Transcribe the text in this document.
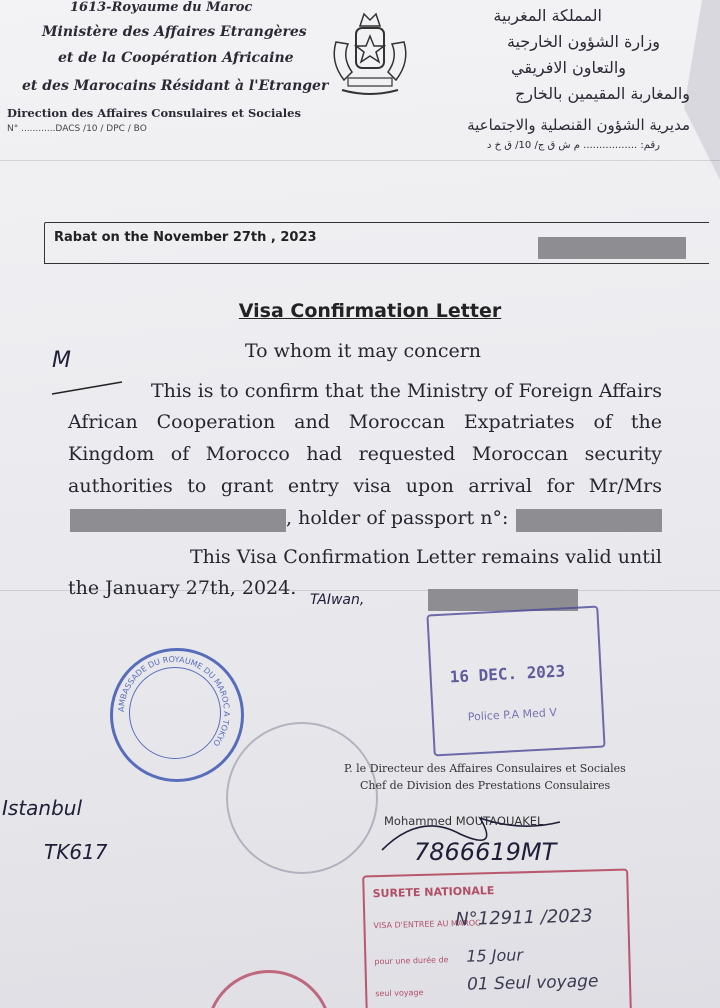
1613-Royaume du Maroc
Ministère des Affaires Etrangères
et de la Coopération Africaine
et des Marocains Résidant à l'Etranger
Direction des Affaires Consulaires et Sociales
N° ............DACS /10 / DPC / BO
المملكة المغربية
وزارة الشؤون الخارجية
والتعاون الافريقي
والمغاربة المقيمين بالخارج
مديرية الشؤون القنصلية والاجتماعية
رقم: ................. م ش ق ج/ 10/ ق خ د
Rabat on the November 27th , 2023
Visa Confirmation Letter
To whom it may concern
M
This is to confirm that the Ministry of Foreign Affairs
African Cooperation and Moroccan Expatriates of the
Kingdom of Morocco had requested Moroccan security
authorities to grant entry visa upon arrival for Mr/Mrs
, holder of passport n°:
This Visa Confirmation Letter remains valid until
the January 27th, 2024.
TAIwan,
16 DEC. 2023
Police P.A Med V
AMBASSADE DU ROYAUME DU MAROC A TOKYO
P. le Directeur des Affaires Consulaires et Sociales
Chef de Division des Prestations Consulaires
Mohammed MOUTAOUAKEL
7866619MT
Istanbul
TK617
SURETE NATIONALE
VISA D'ENTREE AU MAROC
pour une durée de
seul voyage
N°12911 /2023
15 Jour
01 Seul voyage
